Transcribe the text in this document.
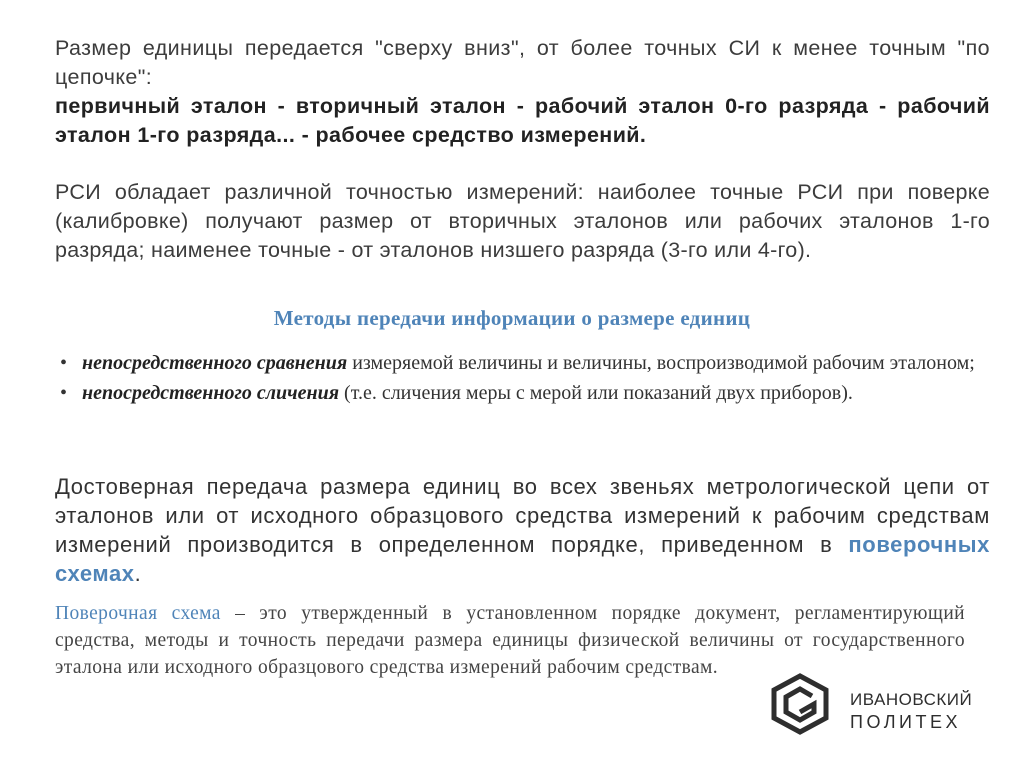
Размер единицы передается "сверху вниз", от более точных СИ к менее точным "по цепочке":
первичный эталон - вторичный эталон - рабочий эталон 0-го разряда - рабочий эталон 1-го разряда... - рабочее средство измерений.

РСИ обладает различной точностью измерений: наиболее точные РСИ при поверке (калибровке) получают размер от вторичных эталонов или рабочих эталонов 1-го разряда; наименее точные - от эталонов низшего разряда (3-го или 4-го).

Методы передачи информации о размере единиц

• непосредственного сравнения измеряемой величины и величины, воспроизводимой рабочим эталоном;

• непосредственного сличения (т.е. сличения меры с мерой или показаний двух приборов).

Достоверная передача размера единиц во всех звеньях метрологической цепи от эталонов или от исходного образцового средства измерений к рабочим средствам измерений производится в определенном порядке, приведенном в поверочных схемах.

Поверочная схема – это утвержденный в установленном порядке документ, регламентирующий средства, методы и точность передачи размера единицы физической величины от государственного эталона или исходного образцового средства измерений рабочим средствам.

ИВАНОВСКИЙ

ПОЛИТЕХ
